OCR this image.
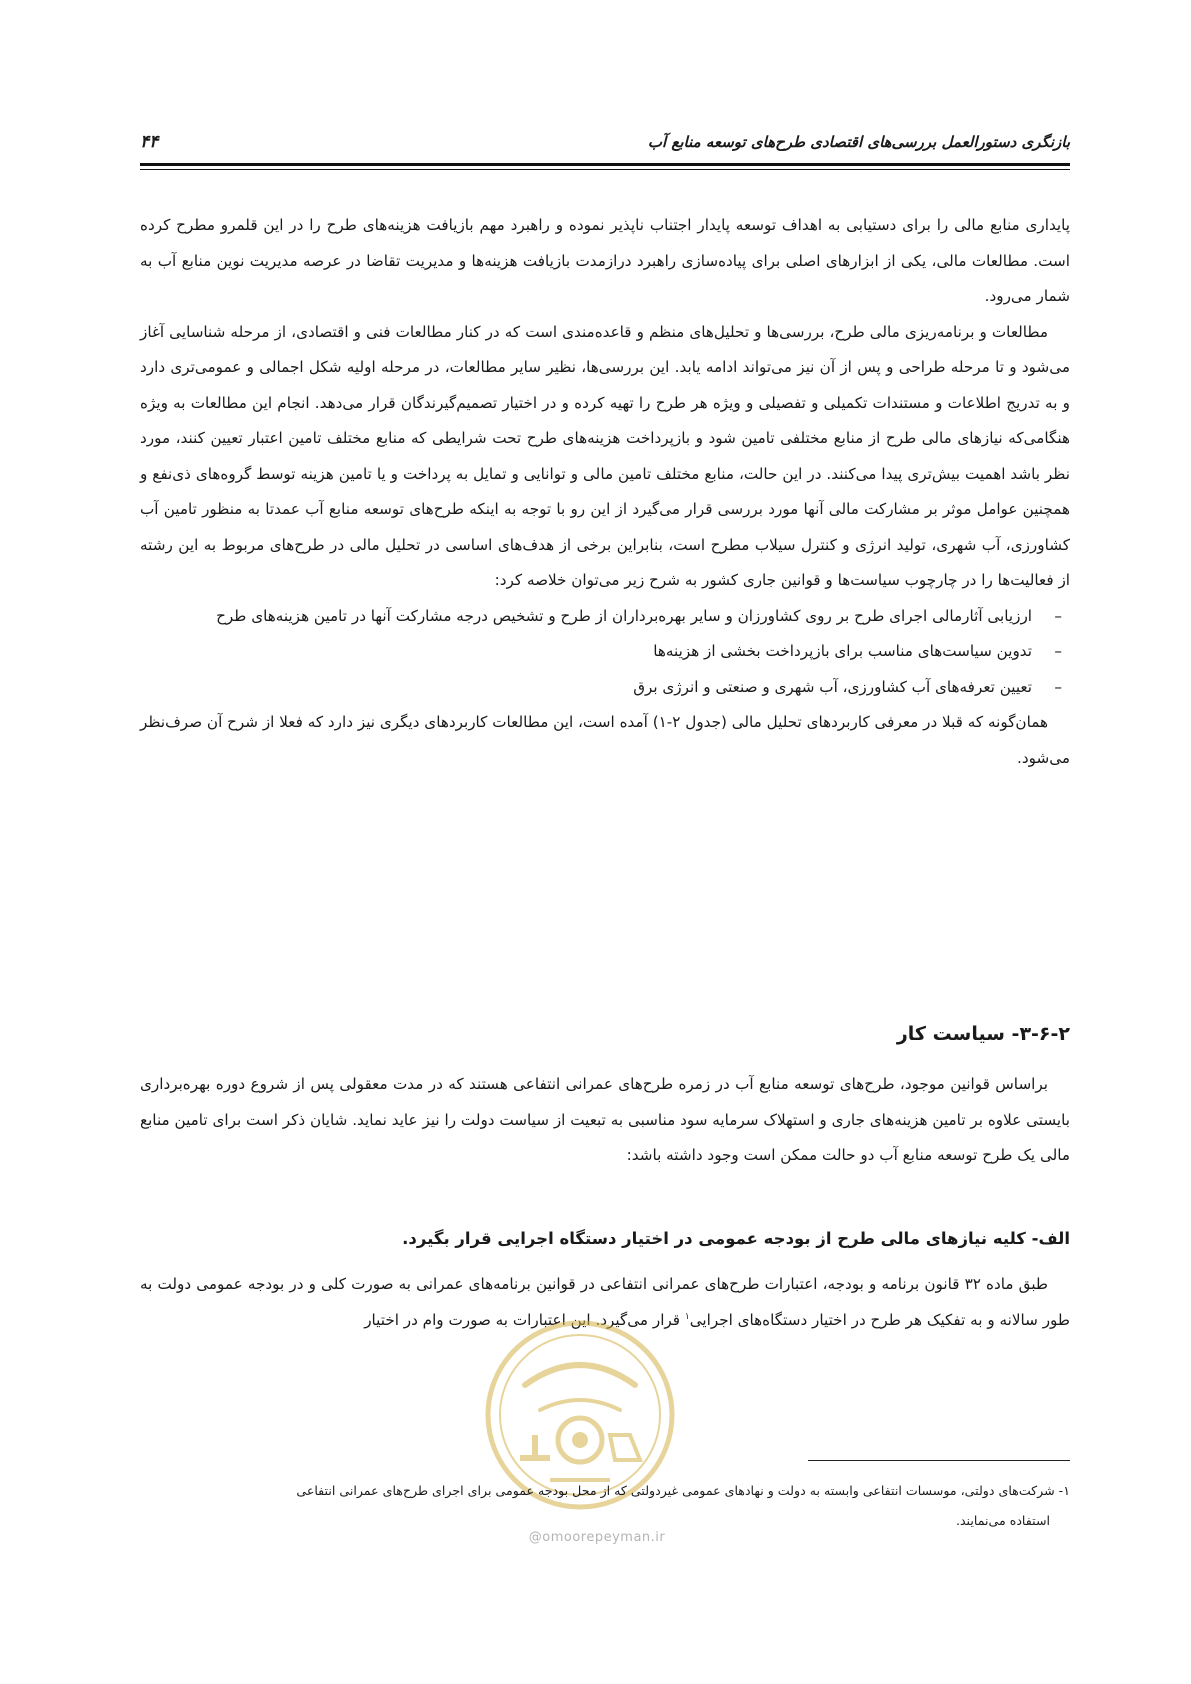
بازنگری دستورالعمل بررسی‌های اقتصادی طرح‌های توسعه منابع آب
۴۴

پایداری منابع مالی را برای دستیابی به اهداف توسعه پایدار اجتناب ناپذیر نموده و راهبرد مهم بازیافت هزینه‌های طرح را در این قلمرو مطرح کرده است. مطالعات مالی، یکی از ابزارهای اصلی برای پیاده‌سازی راهبرد درازمدت بازیافت هزینه‌ها و مدیریت تقاضا در عرصه مدیریت نوین منابع آب به شمار می‌رود.

مطالعات و برنامه‌ریزی مالی طرح، بررسی‌ها و تحلیل‌های منظم و قاعده‌مندی است که در کنار مطالعات فنی و اقتصادی، از مرحله شناسایی آغاز می‌شود و تا مرحله طراحی و پس از آن نیز می‌تواند ادامه یابد. این بررسی‌ها، نظیر سایر مطالعات، در مرحله اولیه شکل اجمالی و عمومی‌تری دارد و به تدریج اطلاعات و مستندات تکمیلی و تفصیلی و ویژه هر طرح را تهیه کرده و در اختیار تصمیم‌گیرندگان قرار می‌دهد. انجام این مطالعات به ویژه هنگامی‌که نیازهای مالی طرح از منابع مختلفی تامین شود و بازپرداخت هزینه‌های طرح تحت شرایطی که منابع مختلف تامین اعتبار تعیین کنند، مورد نظر باشد اهمیت بیش‌تری پیدا می‌کنند. در این حالت، منابع مختلف تامین مالی و توانایی و تمایل به پرداخت و یا تامین هزینه توسط گروه‌های ذی‌نفع و همچنین عوامل موثر بر مشارکت مالی آنها مورد بررسی قرار می‌گیرد از این رو با توجه به اینکه طرح‌های توسعه منابع آب عمدتا به منظور تامین آب کشاورزی، آب شهری، تولید انرژی و کنترل سیلاب مطرح است، بنابراین برخی از هدف‌های اساسی در تحلیل مالی در طرح‌های مربوط به این رشته از فعالیت‌ها را در چارچوب سیاست‌ها و قوانین جاری کشور به شرح زیر می‌توان خلاصه کرد:

–
ارزیابی آثارمالی اجرای طرح بر روی کشاورزان و سایر بهره‌برداران از طرح و تشخیص درجه مشارکت آنها در تامین هزینه‌های طرح
–
تدوین سیاست‌های مناسب برای بازپرداخت بخشی از هزینه‌ها
–
تعیین تعرفه‌های آب کشاورزی، آب شهری و صنعتی و انرژی برق

همان‌گونه که قبلا در معرفی کاربردهای تحلیل مالی (جدول ۲-۱) آمده است، این مطالعات کاربردهای دیگری نیز دارد که فعلا از شرح آن صرف‌نظر می‌شود.

۳-۶-۲- سیاست کار

براساس قوانین موجود، طرح‌های توسعه منابع آب در زمره طرح‌های عمرانی انتفاعی هستند که در مدت معقولی پس از شروع دوره بهره‌برداری بایستی علاوه بر تامین هزینه‌های جاری و استهلاک سرمایه سود مناسبی به تبعیت از سیاست دولت را نیز عاید نماید. شایان ذکر است برای تامین منابع مالی یک طرح توسعه منابع آب دو حالت ممکن است وجود داشته باشد:

الف- کلیه نیازهای مالی طرح از بودجه عمومی در اختیار دستگاه اجرایی قرار بگیرد.

طبق ماده ۳۲ قانون برنامه و بودجه، اعتبارات طرح‌های عمرانی انتفاعی در قوانین برنامه‌های عمرانی به صورت کلی و در بودجه عمومی دولت به طور سالانه و به تفکیک هر طرح در اختیار دستگاه‌های اجرایی$^۱$ قرار می‌گیرد. این اعتبارات به صورت وام در اختیار

۱- شرکت‌های دولتی، موسسات انتفاعی وابسته به دولت و نهادهای عمومی غیردولتی که از محل بودجه عمومی برای اجرای طرح‌های عمرانی انتفاعی

استفاده می‌نمایند.

@omoorepeyman.ir
